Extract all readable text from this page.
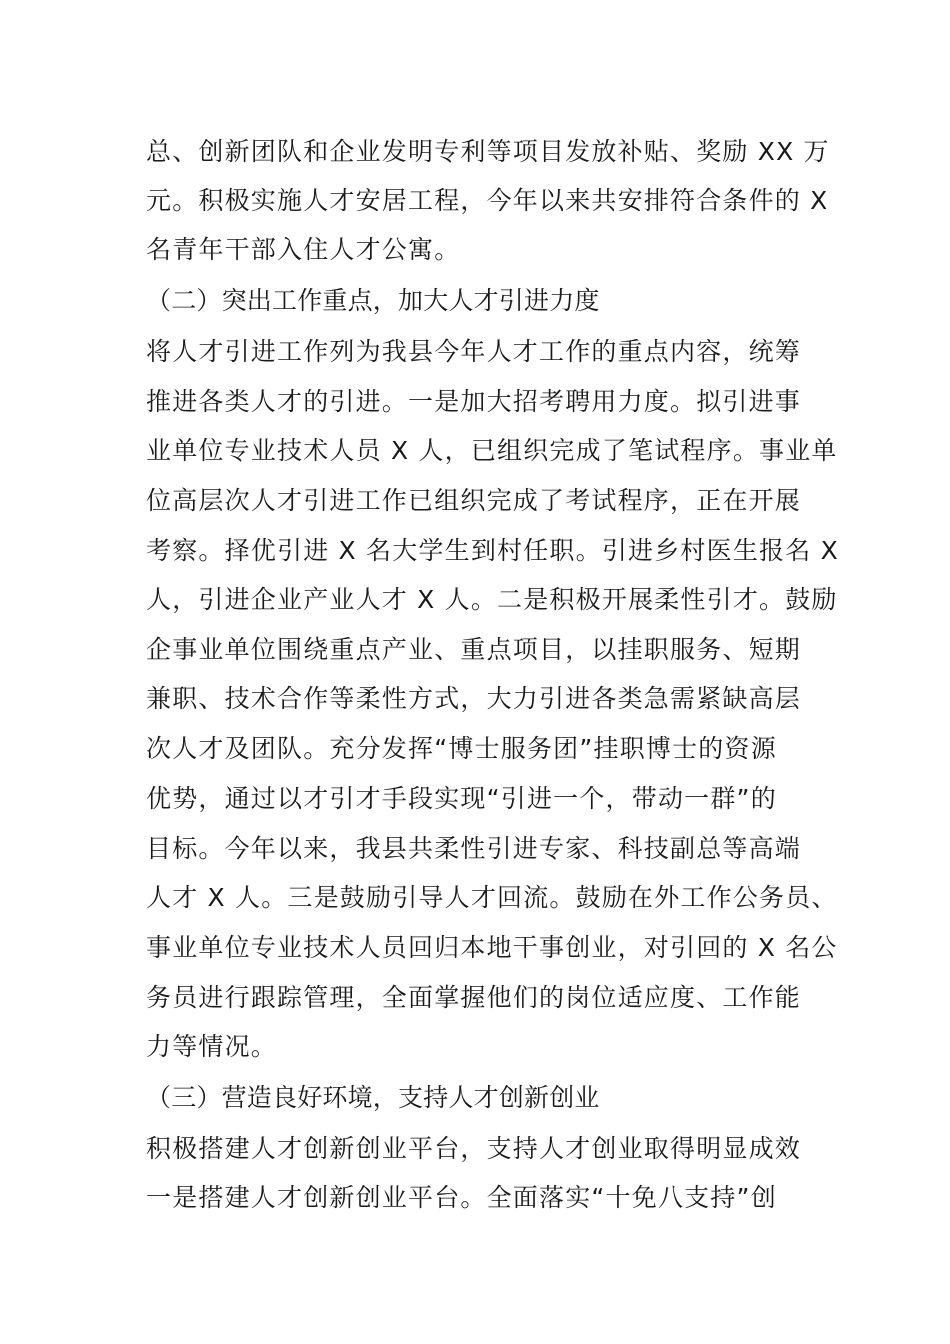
总、创新团队和企业发明专利等项目发放补贴、奖励 XX 万
元。积极实施人才安居工程，今年以来共安排符合条件的 X
名青年干部入住人才公寓。
（二）突出工作重点，加大人才引进力度
将人才引进工作列为我县今年人才工作的重点内容，统筹
推进各类人才的引进。一是加大招考聘用力度。拟引进事
业单位专业技术人员 X 人，已组织完成了笔试程序。事业单
位高层次人才引进工作已组织完成了考试程序，正在开展
考察。择优引进 X 名大学生到村任职。引进乡村医生报名 X
人，引进企业产业人才 X 人。二是积极开展柔性引才。鼓励
企事业单位围绕重点产业、重点项目，以挂职服务、短期
兼职、技术合作等柔性方式，大力引进各类急需紧缺高层
次人才及团队。充分发挥“博士服务团”挂职博士的资源
优势，通过以才引才手段实现“引进一个，带动一群”的
目标。今年以来，我县共柔性引进专家、科技副总等高端
人才 X 人。三是鼓励引导人才回流。鼓励在外工作公务员、
事业单位专业技术人员回归本地干事创业，对引回的 X 名公
务员进行跟踪管理，全面掌握他们的岗位适应度、工作能
力等情况。
（三）营造良好环境，支持人才创新创业
积极搭建人才创新创业平台，支持人才创业取得明显成效
一是搭建人才创新创业平台。全面落实“十免八支持”创
